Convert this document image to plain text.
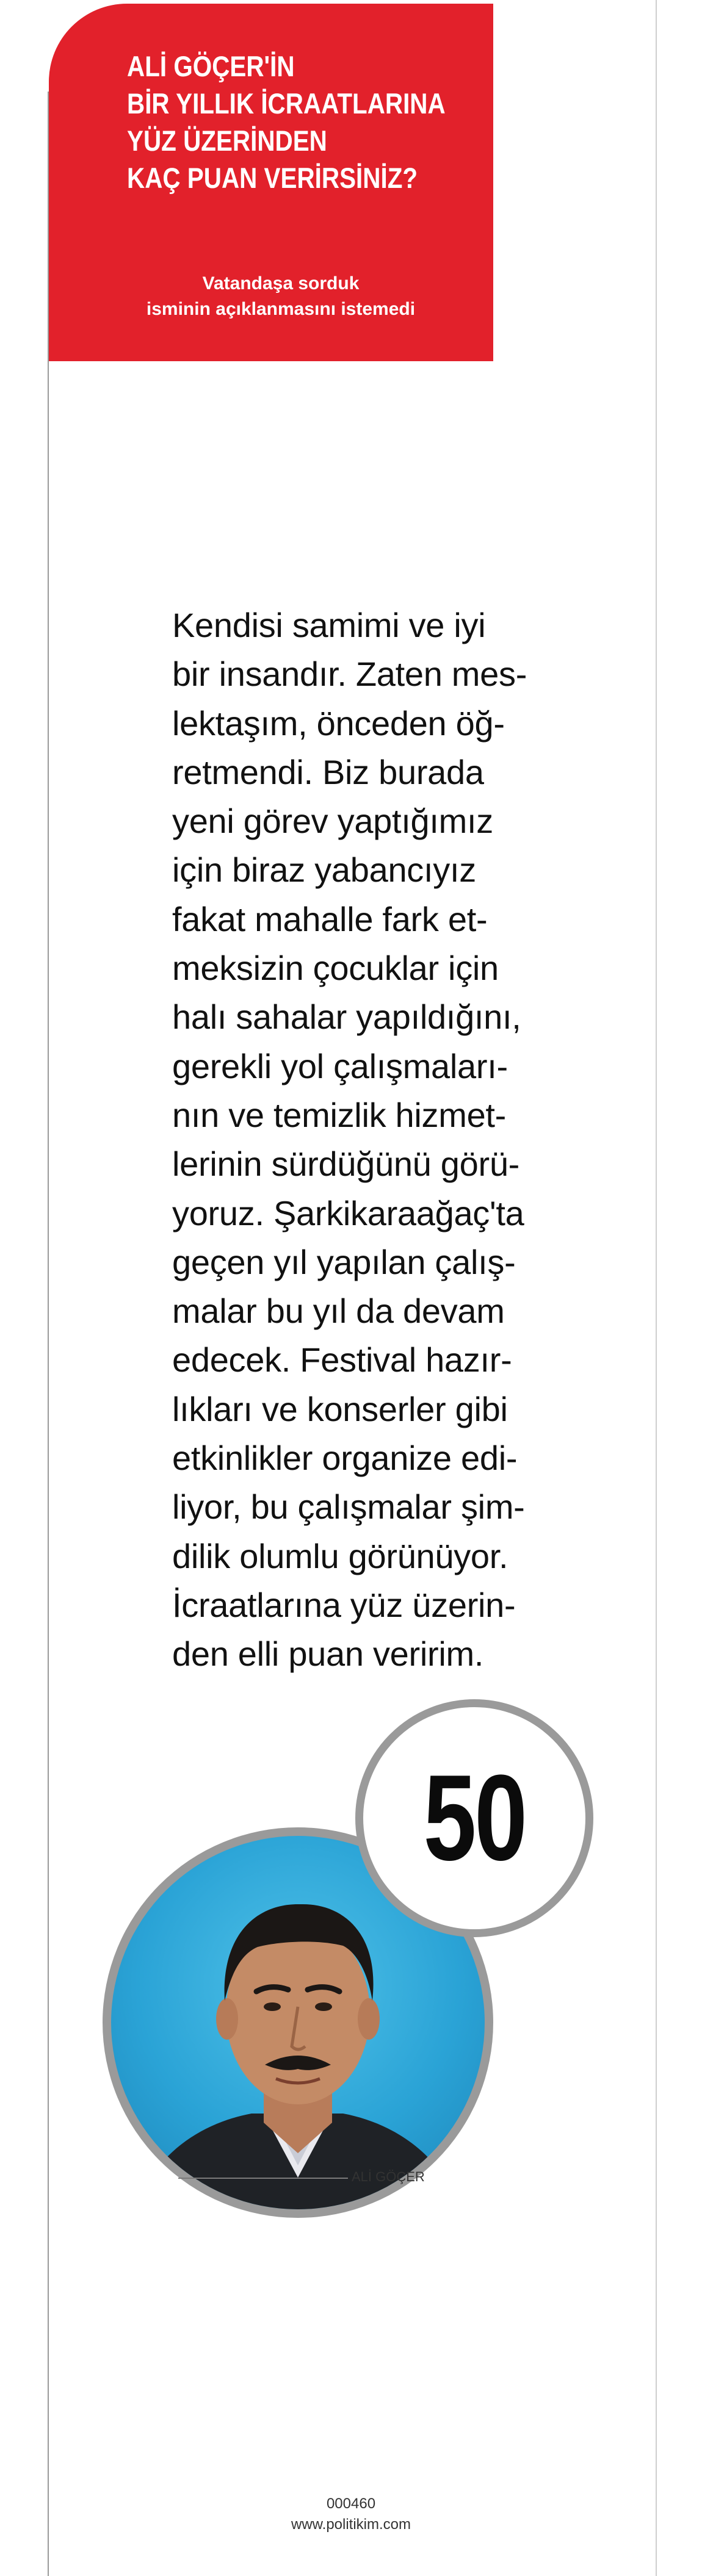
ALİ GÖÇER'İN
BİR YILLIK İCRAATLARINA
YÜZ ÜZERİNDEN
KAÇ PUAN VERİRSİNİZ?
Vatandaşa sorduk
isminin açıklanmasını istemedi
Kendisi samimi ve iyi
bir insandır. Zaten mes-
lektaşım, önceden öğ-
retmendi. Biz burada
yeni görev yaptığımız
için biraz yabancıyız
fakat mahalle fark et-
meksizin çocuklar için
halı sahalar yapıldığını,
gerekli yol çalışmaları-
nın ve temizlik hizmet-
lerinin sürdüğünü görü-
yoruz. Şarkikaraağaç'ta
geçen yıl yapılan çalış-
malar bu yıl da devam
edecek. Festival hazır-
lıkları ve konserler gibi
etkinlikler organize edi-
liyor, bu çalışmalar şim-
dilik olumlu görünüyor.
İcraatlarına yüz üzerin-
den elli puan veririm.
50
ALİ GÖÇER
000460
www.politikim.com
